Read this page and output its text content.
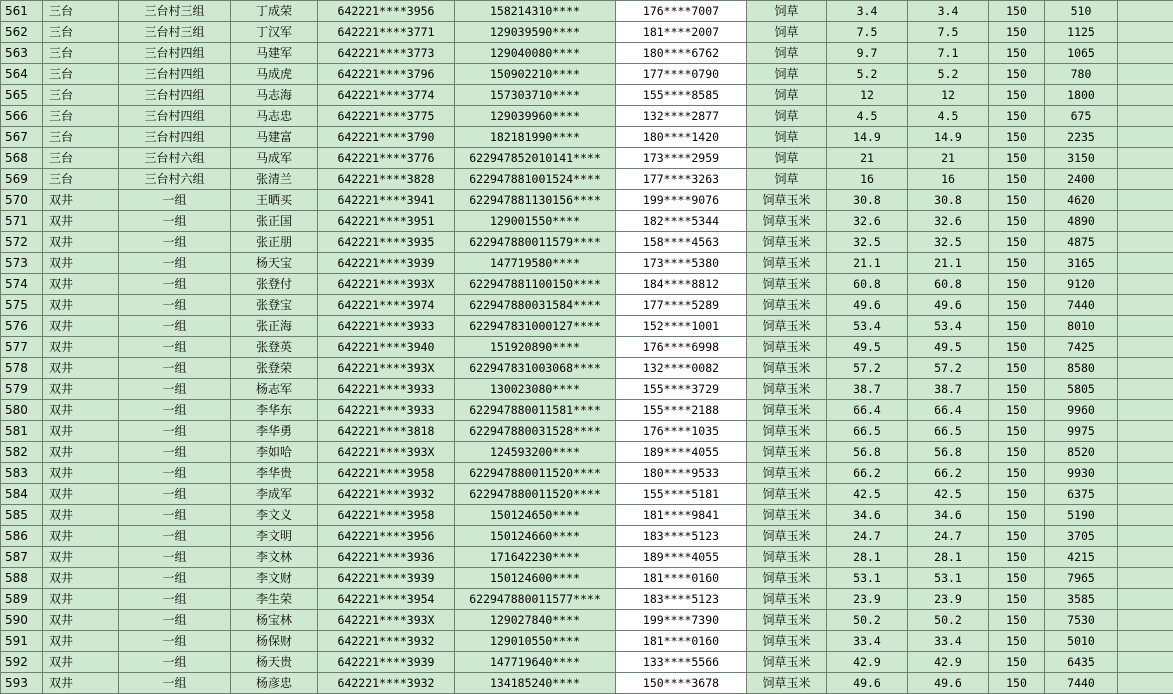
561	三台	三台村三组	丁成荣	642221****3956	158214310****	176****7007	饲草	3.4	3.4	150	510	
562	三台	三台村三组	丁汉军	642221****3771	129039590****	181****2007	饲草	7.5	7.5	150	1125	
563	三台	三台村四组	马建军	642221****3773	129040080****	180****6762	饲草	9.7	7.1	150	1065	
564	三台	三台村四组	马成虎	642221****3796	150902210****	177****0790	饲草	5.2	5.2	150	780	
565	三台	三台村四组	马志海	642221****3774	157303710****	155****8585	饲草	12	12	150	1800	
566	三台	三台村四组	马志忠	642221****3775	129039960****	132****2877	饲草	4.5	4.5	150	675	
567	三台	三台村四组	马建富	642221****3790	182181990****	180****1420	饲草	14.9	14.9	150	2235	
568	三台	三台村六组	马成军	642221****3776	622947852010141****	173****2959	饲草	21	21	150	3150	
569	三台	三台村六组	张清兰	642221****3828	622947881001524****	177****3263	饲草	16	16	150	2400	
570	双井	一组	王晒买	642221****3941	622947881130156****	199****9076	饲草玉米	30.8	30.8	150	4620	
571	双井	一组	张正国	642221****3951	129001550****	182****5344	饲草玉米	32.6	32.6	150	4890	
572	双井	一组	张正朋	642221****3935	622947880011579****	158****4563	饲草玉米	32.5	32.5	150	4875	
573	双井	一组	杨天宝	642221****3939	147719580****	173****5380	饲草玉米	21.1	21.1	150	3165	
574	双井	一组	张登付	642221****393X	622947881100150****	184****8812	饲草玉米	60.8	60.8	150	9120	
575	双井	一组	张登宝	642221****3974	622947880031584****	177****5289	饲草玉米	49.6	49.6	150	7440	
576	双井	一组	张正海	642221****3933	622947831000127****	152****1001	饲草玉米	53.4	53.4	150	8010	
577	双井	一组	张登英	642221****3940	151920890****	176****6998	饲草玉米	49.5	49.5	150	7425	
578	双井	一组	张登荣	642221****393X	622947831003068****	132****0082	饲草玉米	57.2	57.2	150	8580	
579	双井	一组	杨志军	642221****3933	130023080****	155****3729	饲草玉米	38.7	38.7	150	5805	
580	双井	一组	李华东	642221****3933	622947880011581****	155****2188	饲草玉米	66.4	66.4	150	9960	
581	双井	一组	李华勇	642221****3818	622947880031528****	176****1035	饲草玉米	66.5	66.5	150	9975	
582	双井	一组	李如哈	642221****393X	124593200****	189****4055	饲草玉米	56.8	56.8	150	8520	
583	双井	一组	李华贵	642221****3958	622947880011520****	180****9533	饲草玉米	66.2	66.2	150	9930	
584	双井	一组	李成军	642221****3932	622947880011520****	155****5181	饲草玉米	42.5	42.5	150	6375	
585	双井	一组	李文义	642221****3958	150124650****	181****9841	饲草玉米	34.6	34.6	150	5190	
586	双井	一组	李文明	642221****3956	150124660****	183****5123	饲草玉米	24.7	24.7	150	3705	
587	双井	一组	李文林	642221****3936	171642230****	189****4055	饲草玉米	28.1	28.1	150	4215	
588	双井	一组	李文财	642221****3939	150124600****	181****0160	饲草玉米	53.1	53.1	150	7965	
589	双井	一组	李生荣	642221****3954	622947880011577****	183****5123	饲草玉米	23.9	23.9	150	3585	
590	双井	一组	杨宝林	642221****393X	129027840****	199****7390	饲草玉米	50.2	50.2	150	7530	
591	双井	一组	杨保财	642221****3932	129010550****	181****0160	饲草玉米	33.4	33.4	150	5010	
592	双井	一组	杨天贵	642221****3939	147719640****	133****5566	饲草玉米	42.9	42.9	150	6435	
593	双井	一组	杨彦忠	642221****3932	134185240****	150****3678	饲草玉米	49.6	49.6	150	7440	
